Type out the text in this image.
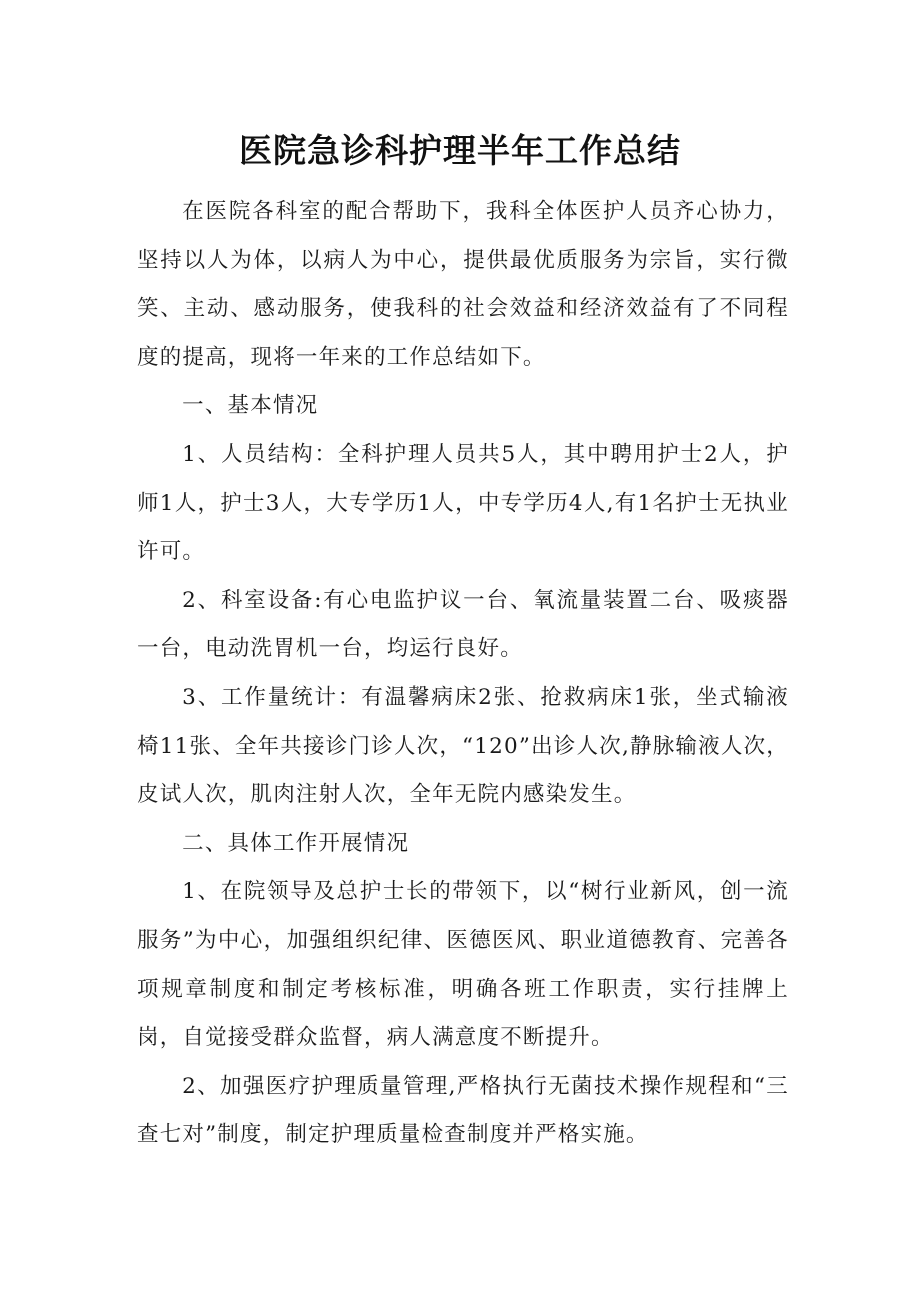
医院急诊科护理半年工作总结

在医院各科室的配合帮助下，我科全体医护人员齐心协力，坚持以人为体，以病人为中心，提供最优质服务为宗旨，实行微笑、主动、感动服务，使我科的社会效益和经济效益有了不同程度的提高，现将一年来的工作总结如下。

一、基本情况

1、人员结构：全科护理人员共5人，其中聘用护士2人，护师1人，护士3人，大专学历1人，中专学历4人,有1名护士无执业许可。

2、科室设备:有心电监护议一台、氧流量装置二台、吸痰器一台，电动洗胃机一台，均运行良好。

3、工作量统计：有温馨病床2张、抢救病床1张，坐式输液椅11张、全年共接诊门诊人次，“120”出诊人次,静脉输液人次，皮试人次，肌肉注射人次，全年无院内感染发生。

二、具体工作开展情况

1、在院领导及总护士长的带领下，以“树行业新风，创一流服务”为中心，加强组织纪律、医德医风、职业道德教育、完善各项规章制度和制定考核标准，明确各班工作职责，实行挂牌上岗，自觉接受群众监督，病人满意度不断提升。

2、加强医疗护理质量管理,严格执行无菌技术操作规程和“三查七对”制度，制定护理质量检查制度并严格实施。
